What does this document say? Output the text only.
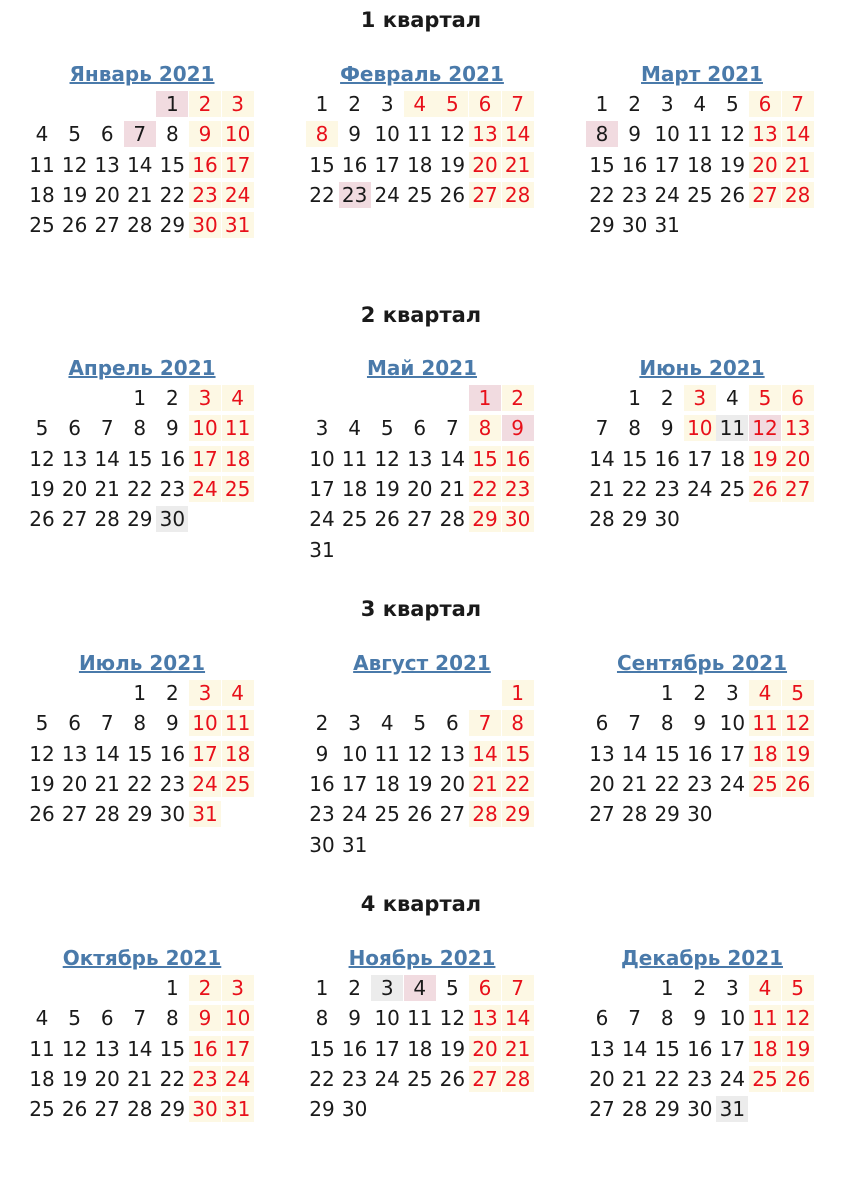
1 квартал
2 квартал
3 квартал
4 квартал
Январь 2021
1 2 3
4 5 6 7 8 9 10
11 12 13 14 15 16 17
18 19 20 21 22 23 24
25 26 27 28 29 30 31
Февраль 2021
1 2 3 4 5 6 7
8 9 10 11 12 13 14
15 16 17 18 19 20 21
22 23 24 25 26 27 28
Март 2021
1 2 3 4 5 6 7
8 9 10 11 12 13 14
15 16 17 18 19 20 21
22 23 24 25 26 27 28
29 30 31
Апрель 2021
1 2 3 4
5 6 7 8 9 10 11
12 13 14 15 16 17 18
19 20 21 22 23 24 25
26 27 28 29 30
Май 2021
1 2
3 4 5 6 7 8 9
10 11 12 13 14 15 16
17 18 19 20 21 22 23
24 25 26 27 28 29 30
31
Июнь 2021
1 2 3 4 5 6
7 8 9 10 11 12 13
14 15 16 17 18 19 20
21 22 23 24 25 26 27
28 29 30
Июль 2021
1 2 3 4
5 6 7 8 9 10 11
12 13 14 15 16 17 18
19 20 21 22 23 24 25
26 27 28 29 30 31
Август 2021
1
2 3 4 5 6 7 8
9 10 11 12 13 14 15
16 17 18 19 20 21 22
23 24 25 26 27 28 29
30 31
Сентябрь 2021
1 2 3 4 5
6 7 8 9 10 11 12
13 14 15 16 17 18 19
20 21 22 23 24 25 26
27 28 29 30
Октябрь 2021
1 2 3
4 5 6 7 8 9 10
11 12 13 14 15 16 17
18 19 20 21 22 23 24
25 26 27 28 29 30 31
Ноябрь 2021
1 2 3 4 5 6 7
8 9 10 11 12 13 14
15 16 17 18 19 20 21
22 23 24 25 26 27 28
29 30
Декабрь 2021
1 2 3 4 5
6 7 8 9 10 11 12
13 14 15 16 17 18 19
20 21 22 23 24 25 26
27 28 29 30 31
